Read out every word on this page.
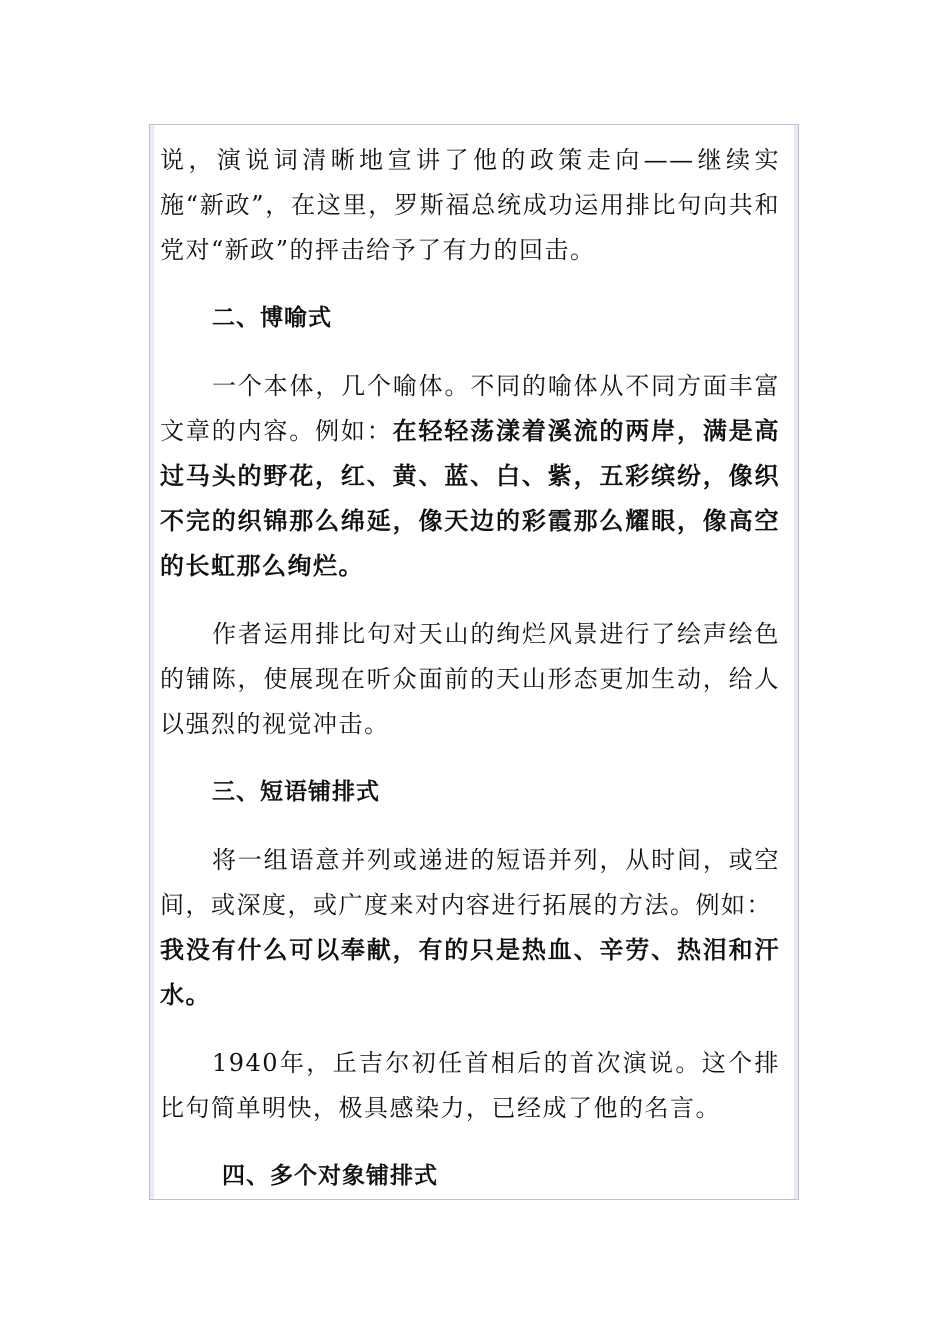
说，演说词清晰地宣讲了他的政策走向——继续实施“新政”，在这里，罗斯福总统成功运用排比句向共和党对“新政”的抨击给予了有力的回击。

二、博喻式

一个本体，几个喻体。不同的喻体从不同方面丰富文章的内容。例如：在轻轻荡漾着溪流的两岸，满是高过马头的野花，红、黄、蓝、白、紫，五彩缤纷，像织不完的织锦那么绵延，像天边的彩霞那么耀眼，像高空的长虹那么绚烂。

作者运用排比句对天山的绚烂风景进行了绘声绘色的铺陈，使展现在听众面前的天山形态更加生动，给人以强烈的视觉冲击。

三、短语铺排式

将一组语意并列或递进的短语并列，从时间，或空间，或深度，或广度来对内容进行拓展的方法。例如：
我没有什么可以奉献，有的只是热血、辛劳、热泪和汗水。

1940年，丘吉尔初任首相后的首次演说。这个排比句简单明快，极具感染力，已经成了他的名言。

四、多个对象铺排式
